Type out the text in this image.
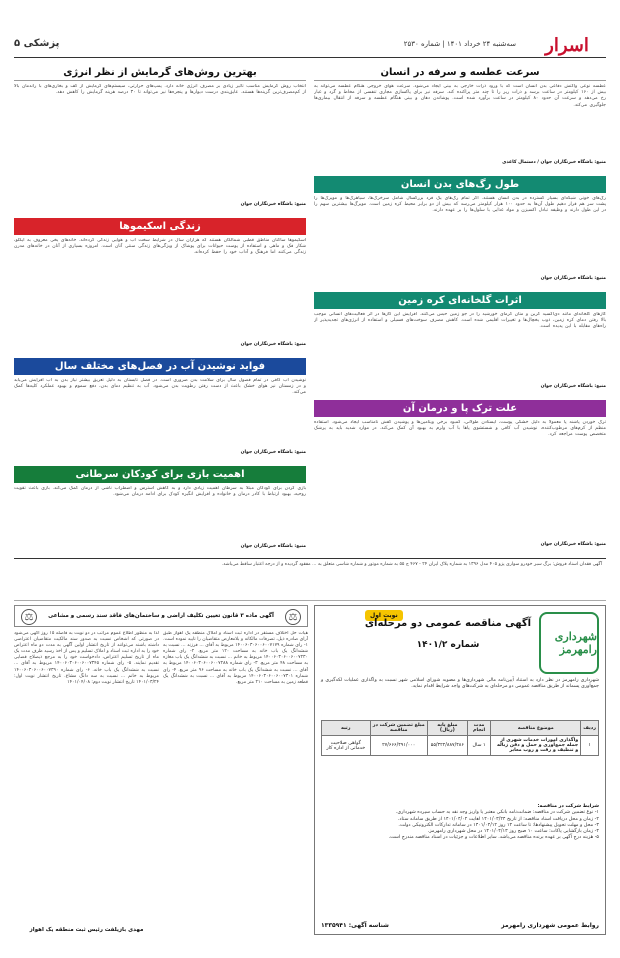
اسرار
سه‌شنبه ۲۴ خرداد ۱۴۰۱ | شماره ۲۵۳۰
پزشکی ۵
سرعت عطسه و سرفه در انسان
عطسه نوعی واکنش دفاعی بدن انسان است که با ورود ذرات خارجی به بینی ایجاد می‌شود. سرعت هوای خروجی هنگام عطسه می‌تواند به بیش از ۱۶۰ کیلومتر در ساعت برسد و ذرات ریز را تا چند متر پراکنده کند. سرفه نیز برای پاکسازی مجاری تنفسی از مخاط و گرد و غبار رخ می‌دهد و سرعت آن حدود ۸۰ کیلومتر در ساعت برآورد شده است. پوشاندن دهان و بینی هنگام عطسه و سرفه از انتقال بیماری‌ها جلوگیری می‌کند.
منبع: باشگاه خبرنگاران جوان / دستمال کاغذی
طول رگ‌های بدن انسان
رگ‌های خونی شبکه‌ای بسیار گسترده در بدن انسان هستند. اگر تمام رگ‌های یک فرد بزرگسال شامل سرخرگ‌ها، سیاهرگ‌ها و مویرگ‌ها را پشت سر هم قرار دهیم طول آن‌ها به حدود ۱۰۰ هزار کیلومتر می‌رسد که بیش از دو برابر محیط کره زمین است. مویرگ‌ها بیشترین سهم را در این طول دارند و وظیفه تبادل اکسیژن و مواد غذایی با سلول‌ها را بر عهده دارند.
منبع: باشگاه خبرنگاران جوان
اثرات گلخانه‌ای کره زمین
گازهای گلخانه‌ای مانند دی‌اکسید کربن و متان گرمای خورشید را در جو زمین حبس می‌کنند. افزایش این گازها در اثر فعالیت‌های انسانی موجب بالا رفتن دمای کره زمین، ذوب یخچال‌ها و تغییرات اقلیمی شده است. کاهش مصرف سوخت‌های فسیلی و استفاده از انرژی‌های تجدیدپذیر از راه‌های مقابله با این پدیده است.
منبع: باشگاه خبرنگاران جوان
علت ترک پا و درمان آن
ترک خوردن پاشنه پا معمولاً به دلیل خشکی پوست، ایستادن طولانی، کمبود برخی ویتامین‌ها و پوشیدن کفش نامناسب ایجاد می‌شود. استفاده منظم از کرم‌های مرطوب‌کننده، نوشیدن آب کافی و شستشوی پاها با آب ولرم به بهبود آن کمک می‌کند. در موارد شدید باید به پزشک متخصص پوست مراجعه کرد.
منبع: باشگاه خبرنگاران جوان
بهترین روش‌های گرمایش از نظر انرژی
انتخاب روش گرمایش مناسب تاثیر زیادی بر مصرف انرژی خانه دارد. پمپ‌های حرارتی، سیستم‌های گرمایش از کف و بخاری‌های با راندمان بالا از کم‌مصرف‌ترین گزینه‌ها هستند. عایق‌بندی درست دیوارها و پنجره‌ها نیز می‌تواند تا ۳۰ درصد هزینه گرمایش را کاهش دهد.
منبع: باشگاه خبرنگاران جوان
زندگی اسکیموها
اسکیموها ساکنان مناطق قطبی شمالگان هستند که هزاران سال در شرایط سخت آب و هوایی زندگی کرده‌اند. خانه‌های یخی معروف به ایگلو، شکار فک و ماهی و استفاده از پوست حیوانات برای پوشاک از ویژگی‌های زندگی سنتی آنان است. امروزه بسیاری از آنان در خانه‌های مدرن زندگی می‌کنند اما فرهنگ و آداب خود را حفظ کرده‌اند.
منبع: باشگاه خبرنگاران جوان
فواید نوشیدن آب در فصل‌های مختلف سال
نوشیدن آب کافی در تمام فصول سال برای سلامت بدن ضروری است. در فصل تابستان به دلیل تعریق بیشتر نیاز بدن به آب افزایش می‌یابد و در زمستان نیز هوای خشک باعث از دست رفتن رطوبت بدن می‌شود. آب به تنظیم دمای بدن، دفع سموم و بهبود عملکرد کلیه‌ها کمک می‌کند.
منبع: باشگاه خبرنگاران جوان
اهمیت بازی برای کودکان سرطانی
بازی کردن برای کودکان مبتلا به سرطان اهمیت زیادی دارد و به کاهش استرس و اضطراب ناشی از درمان کمک می‌کند. بازی باعث تقویت روحیه، بهبود ارتباط با کادر درمان و خانواده و افزایش انگیزه کودک برای ادامه درمان می‌شود.
منبع: باشگاه خبرنگاران جوان
آگهی فقدان اسناد فروش: برگ سبز خودرو سواری پژو ۴۰۵ مدل ۱۳۹۶ به شماره پلاک ایران ۲۴ - ۴۶۷ ج ۵۵ به شماره موتور و شماره شاسی متعلق به ... مفقود گردیده و از درجه اعتبار ساقط می‌باشد.
شهرداری رامهرمز
نوبت اول
آگهی مناقصه عمومی دو مرحله‌ای
شماره ۱۴۰۱/۲
شهرداری رامهرمز در نظر دارد به استناد آیین‌نامه مالی شهرداری‌ها و مصوبه شورای اسلامی شهر نسبت به واگذاری عملیات لکه‌گیری و جمع‌آوری پسماند از طریق مناقصه عمومی دو مرحله‌ای به شرکت‌های واجد شرایط اقدام نماید.
ردیف	موضوع مناقصه	مدت انجام	مبلغ پایه (ریال)	مبلغ تضمین شرکت در مناقصه	رتبه
۱	واگذاری امورات خدمات شهری از جمله جمع‌آوری و حمل و دفن زباله و تنظیف و رفت و روب معابر	۱ سال	۵۵/۳۲۲/۸۸۷/۴۸۶	۲۷/۶۶۶/۴۹۱/۰۰۰	گواهی صلاحیت خدماتی از اداره کار
شرایط شرکت در مناقصه:
۱- نوع تضمین شرکت در مناقصه: ضمانت‌نامه بانکی معتبر یا واریز وجه نقد به حساب سپرده شهرداری.
۲- زمان و محل دریافت اسناد مناقصه: از تاریخ ۱۴۰۱/۰۳/۲۴ لغایت ۱۴۰۱/۰۴/۰۲ از طریق سامانه ستاد.
۳- محل و مهلت تحویل پیشنهادها: تا ساعت ۱۴ روز ۱۴۰۱/۰۴/۱۲ در سامانه تدارکات الکترونیکی دولت.
۴- زمان بازگشایی پاکات: ساعت ۱۰ صبح روز ۱۴۰۱/۰۴/۱۳ در محل شهرداری رامهرمز.
۵- هزینه درج آگهی بر عهده برنده مناقصه می‌باشد. سایر اطلاعات و جزئیات در اسناد مناقصه مندرج است.
روابط عمومی شهرداری رامهرمز
شناسه آگهی: ۱۳۳۵۹۴۱
⚖
آگهی ماده ۳ قانون تعیین تکلیف اراضی و ساختمان‌های فاقد سند رسمی و مشاعی
⚖
هیات حل اختلاف مستقر در اداره ثبت اسناد و املاک منطقه یک اهواز طبق آرای صادره ذیل، تصرفات مالکانه و بلامعارض متقاضیان را تایید نموده است. ۱- رای شماره ۱۴۰۰۶۰۳۰۶۰۰۶۰۰۷۱۷۹ مربوط به آقای ... فرزند ... نسبت به ششدانگ یک باب خانه به مساحت ۱۲۰ متر مربع. ۲- رای شماره ۱۴۰۰۶۰۳۰۶۰۰۶۰۰۷۲۳۰ مربوط به خانم ... نسبت به ششدانگ یک باب مغازه به مساحت ۴۸ متر مربع. ۳- رای شماره ۱۴۰۰۶۰۳۰۶۰۰۶۰۰۷۲۸۸ مربوط به آقای ... نسبت به ششدانگ یک باب خانه به مساحت ۹۶ متر مربع. ۴- رای شماره ۱۴۰۰۶۰۳۰۶۰۰۶۰۰۷۳۰۱ مربوط به آقای ... نسبت به ششدانگ یک قطعه زمین به مساحت ۲۱۰ متر مربع.
لذا به منظور اطلاع عموم مراتب در دو نوبت به فاصله ۱۵ روز آگهی می‌شود در صورتی که اشخاص نسبت به صدور سند مالکیت متقاضیان اعتراضی داشته باشند می‌توانند از تاریخ انتشار اولین آگهی به مدت دو ماه اعتراض خود را به اداره ثبت اسناد و املاک تسلیم و پس از اخذ رسید ظرف مدت یک ماه از تاریخ تسلیم اعتراض، دادخواست خود را به مرجع ذیصلاح قضایی تقدیم نمایند. ۵- رای شماره ۱۴۰۰۶۰۳۰۶۰۰۶۰۰۷۳۴۵ مربوط به آقای ... نسبت به ششدانگ یک باب خانه. ۶- رای شماره ۱۴۰۰۶۰۳۰۶۰۰۶۰۰۷۳۹۰ مربوط به خانم ... نسبت به سه دانگ مشاع. تاریخ انتشار نوبت اول: ۱۴۰۱/۰۳/۲۴ تاریخ انتشار نوبت دوم: ۱۴۰۱/۰۴/۰۸
مهدی بازیلفت رئیس ثبت منطقه یک اهواز
